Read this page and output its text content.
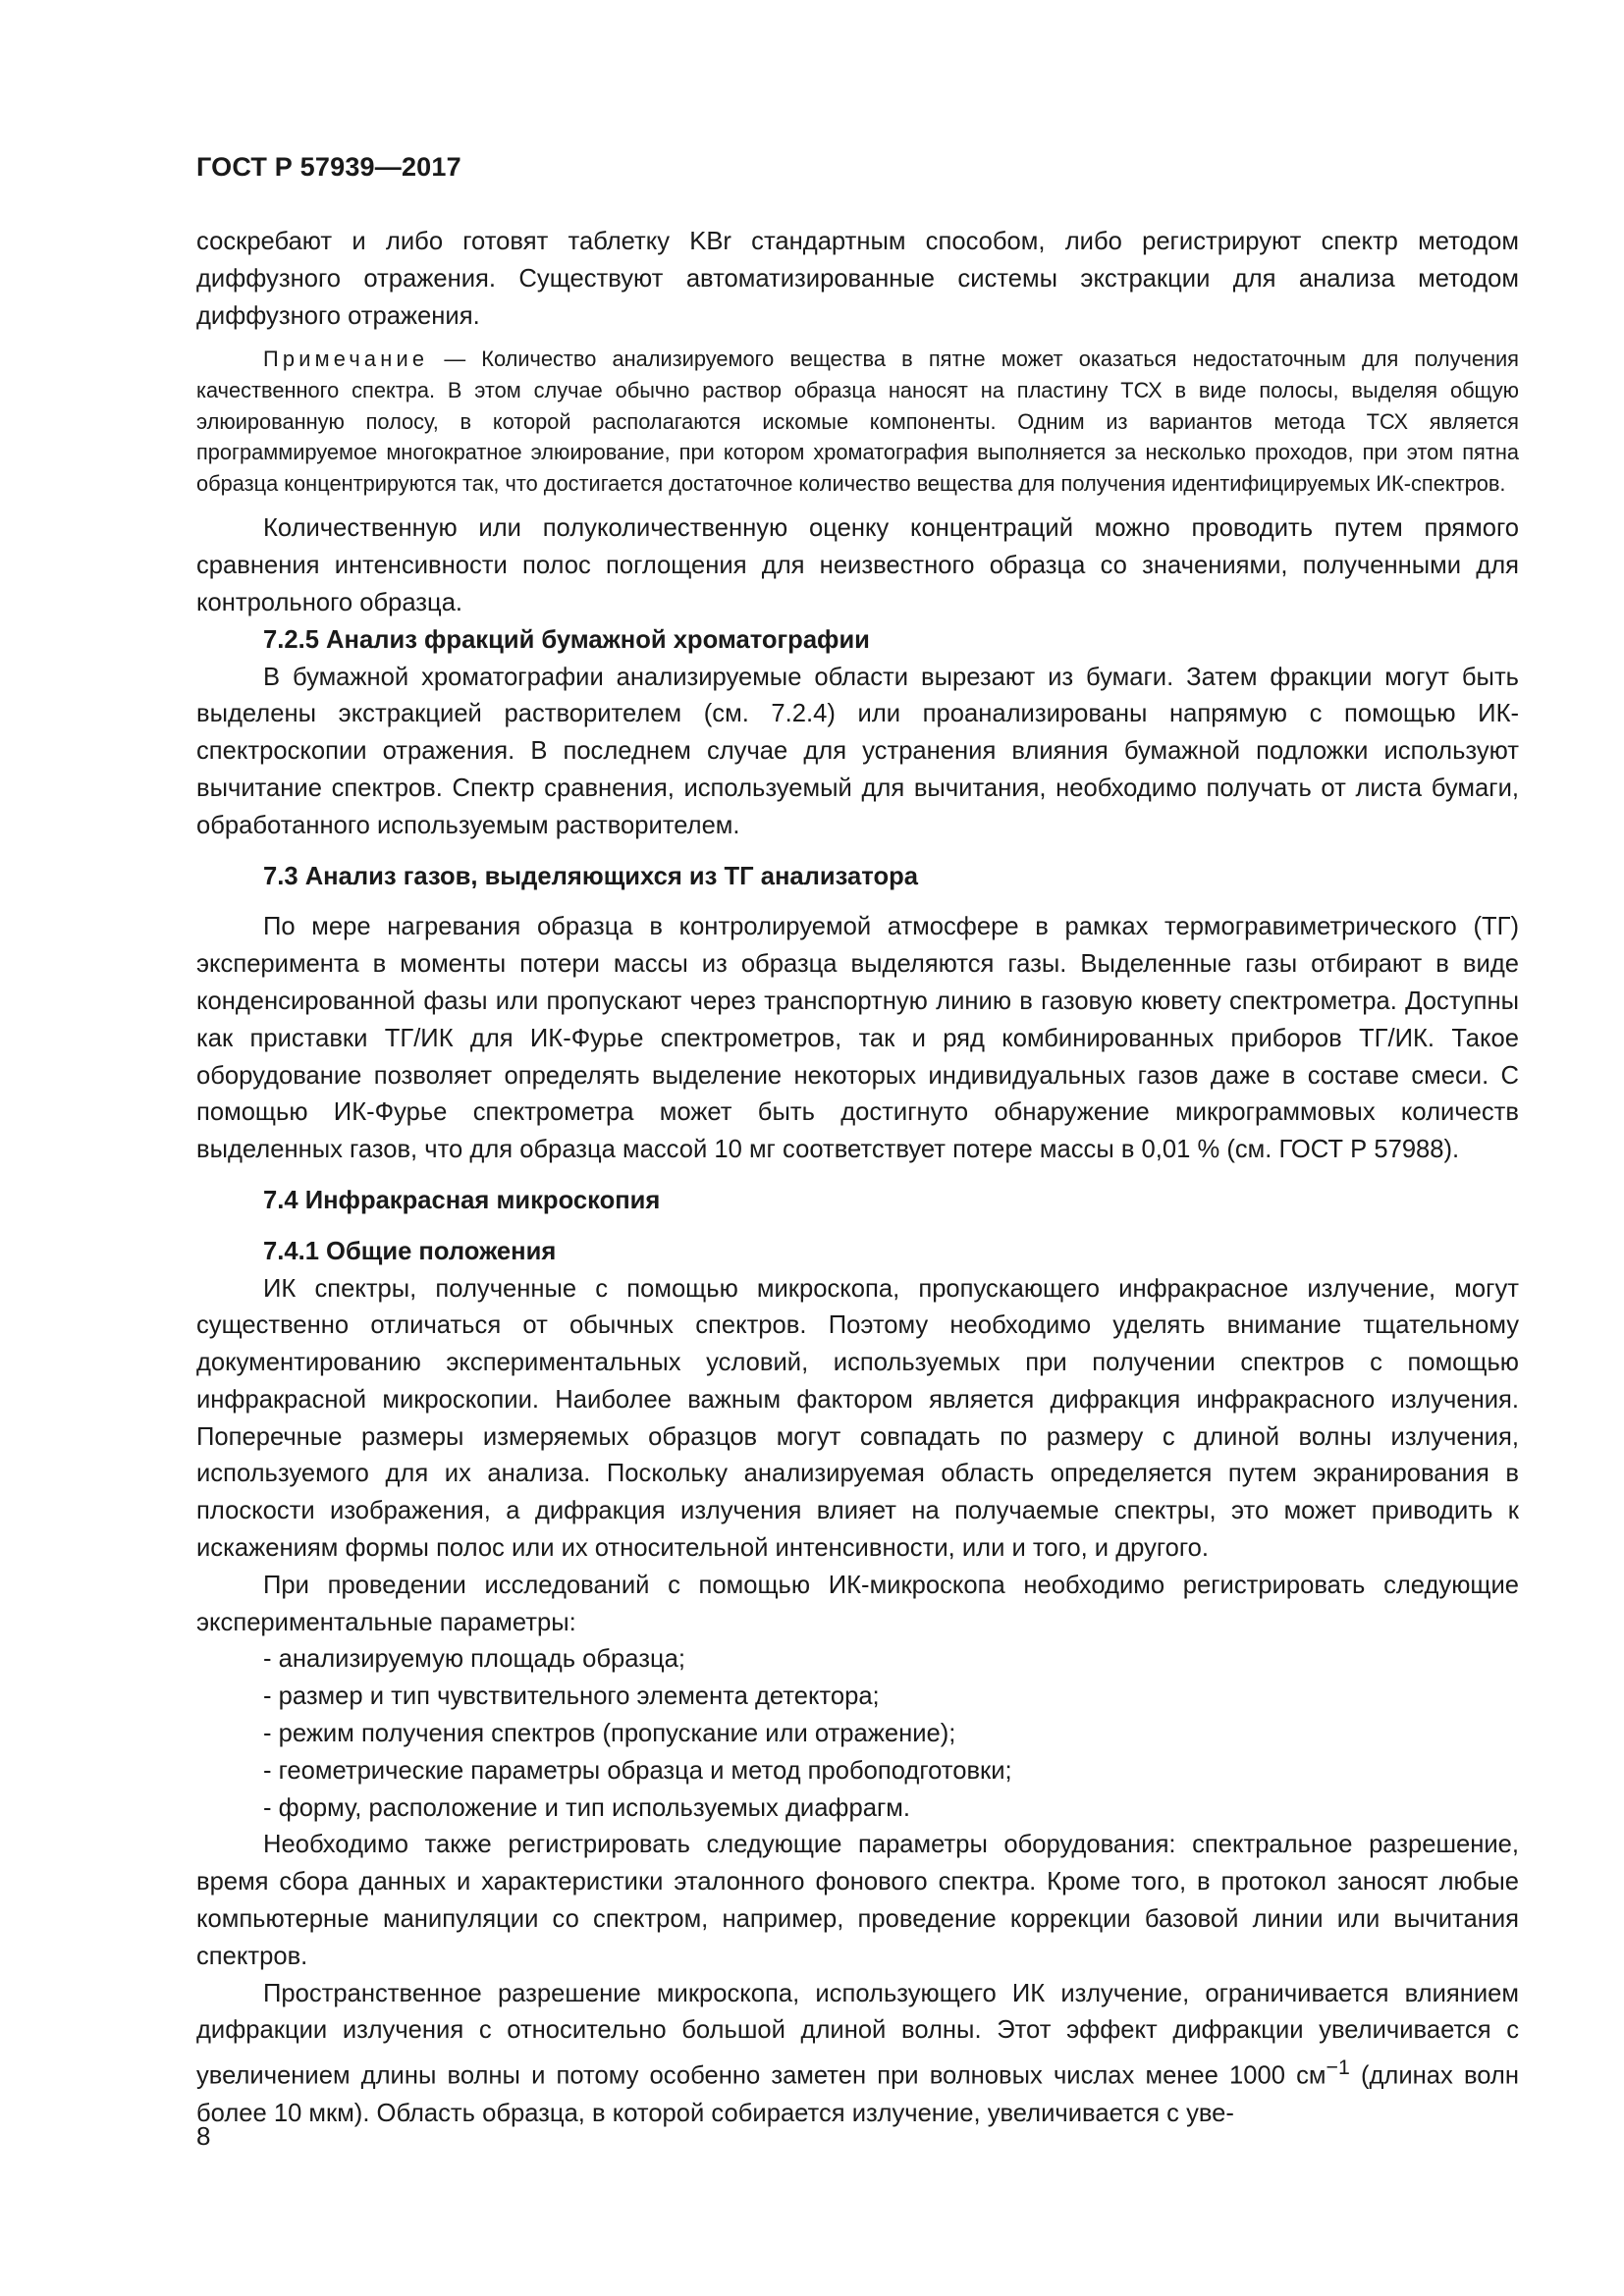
ГОСТ Р 57939—2017

соскребают и либо готовят таблетку KBr стандартным способом, либо регистрируют спектр методом диффузного отражения. Существуют автоматизированные системы экстракции для анализа методом диффузного отражения.

Примечание — Количество анализируемого вещества в пятне может оказаться недостаточным для получения качественного спектра. В этом случае обычно раствор образца наносят на пластину ТСХ в виде полосы, выделяя общую элюированную полосу, в которой располагаются искомые компоненты. Одним из вариантов метода ТСХ является программируемое многократное элюирование, при котором хроматография выполняется за несколько проходов, при этом пятна образца концентрируются так, что достигается достаточное количество вещества для получения идентифицируемых ИК-спектров.

Количественную или полуколичественную оценку концентраций можно проводить путем прямого сравнения интенсивности полос поглощения для неизвестного образца со значениями, полученными для контрольного образца.

7.2.5 Анализ фракций бумажной хроматографии

В бумажной хроматографии анализируемые области вырезают из бумаги. Затем фракции могут быть выделены экстракцией растворителем (см. 7.2.4) или проанализированы напрямую с помощью ИК-спектроскопии отражения. В последнем случае для устранения влияния бумажной подложки используют вычитание спектров. Спектр сравнения, используемый для вычитания, необходимо получать от листа бумаги, обработанного используемым растворителем.

7.3 Анализ газов, выделяющихся из ТГ анализатора

По мере нагревания образца в контролируемой атмосфере в рамках термогравиметрического (ТГ) эксперимента в моменты потери массы из образца выделяются газы. Выделенные газы отбирают в виде конденсированной фазы или пропускают через транспортную линию в газовую кювету спектрометра. Доступны как приставки ТГ/ИК для ИК-Фурье спектрометров, так и ряд комбинированных приборов ТГ/ИК. Такое оборудование позволяет определять выделение некоторых индивидуальных газов даже в составе смеси. С помощью ИК-Фурье спектрометра может быть достигнуто обнаружение микрограммовых количеств выделенных газов, что для образца массой 10 мг соответствует потере массы в 0,01 % (см. ГОСТ Р 57988).

7.4 Инфракрасная микроскопия

7.4.1 Общие положения

ИК спектры, полученные с помощью микроскопа, пропускающего инфракрасное излучение, могут существенно отличаться от обычных спектров. Поэтому необходимо уделять внимание тщательному документированию экспериментальных условий, используемых при получении спектров с помощью инфракрасной микроскопии. Наиболее важным фактором является дифракция инфракрасного излучения. Поперечные размеры измеряемых образцов могут совпадать по размеру с длиной волны излучения, используемого для их анализа. Поскольку анализируемая область определяется путем экранирования в плоскости изображения, а дифракция излучения влияет на получаемые спектры, это может приводить к искажениям формы полос или их относительной интенсивности, или и того, и другого.

При проведении исследований с помощью ИК-микроскопа необходимо регистрировать следующие экспериментальные параметры:

- анализируемую площадь образца;

- размер и тип чувствительного элемента детектора;

- режим получения спектров (пропускание или отражение);

- геометрические параметры образца и метод пробоподготовки;

- форму, расположение и тип используемых диафрагм.

Необходимо также регистрировать следующие параметры оборудования: спектральное разрешение, время сбора данных и характеристики эталонного фонового спектра. Кроме того, в протокол заносят любые компьютерные манипуляции со спектром, например, проведение коррекции базовой линии или вычитания спектров.

Пространственное разрешение микроскопа, использующего ИК излучение, ограничивается влиянием дифракции излучения с относительно большой длиной волны. Этот эффект дифракции увеличивается с увеличением длины волны и потому особенно заметен при волновых числах менее 1000 $см^{-1}$ (длинах волн более 10 мкм). Область образца, в которой собирается излучение, увеличивается с уве-

8
